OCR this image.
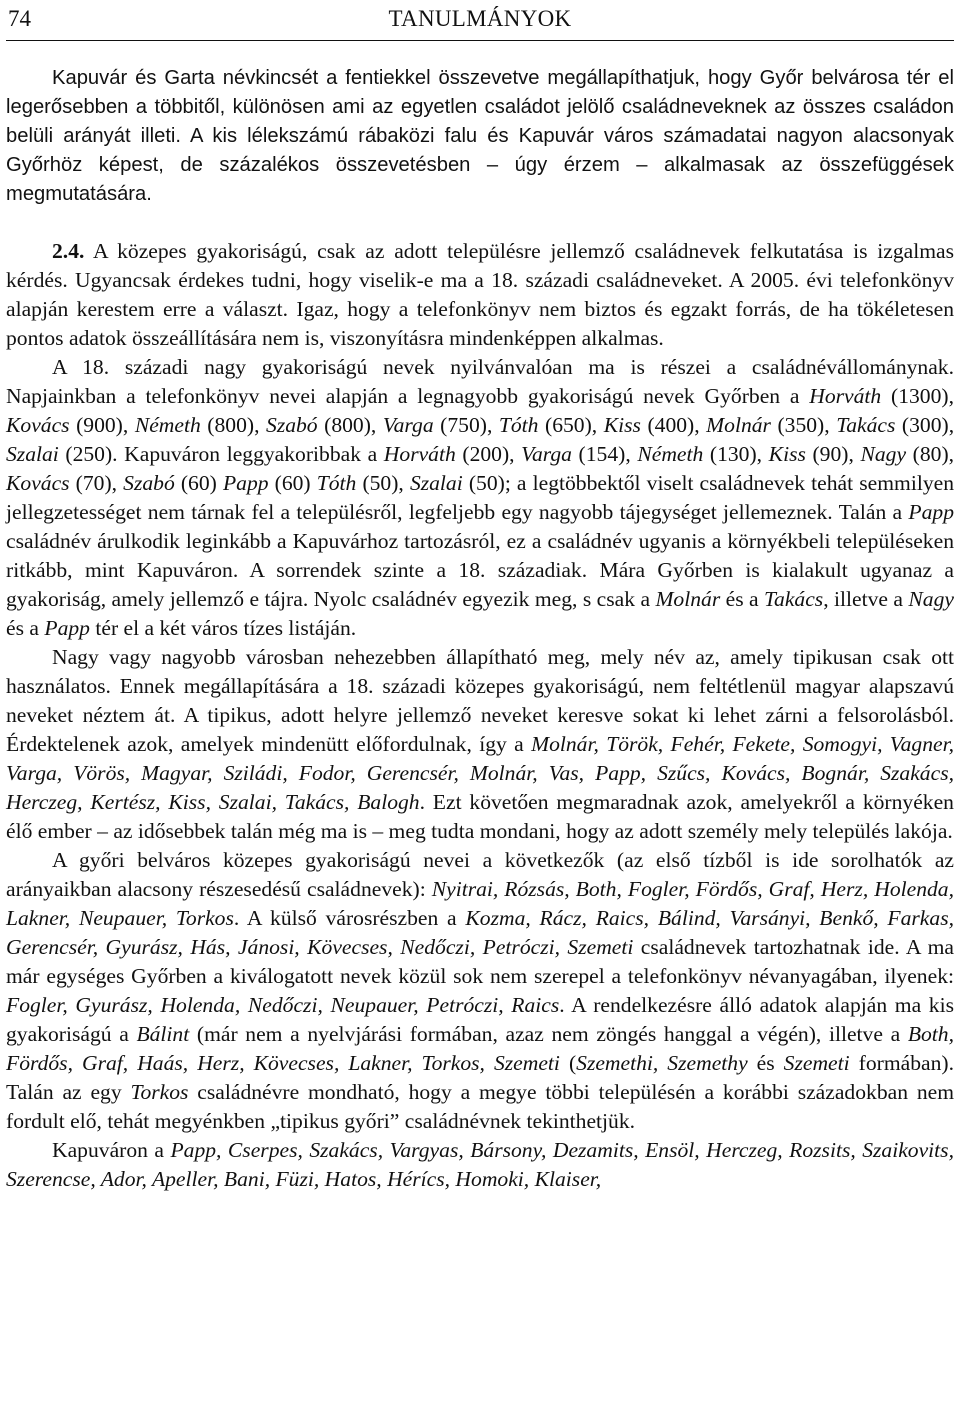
74	TANULMÁNYOK

Kapuvár és Garta névkincsét a fentiekkel összevetve megállapíthatjuk, hogy Győr belvárosa tér el legerősebben a többitől, különösen ami az egyetlen családot jelölő családneveknek az összes családon belüli arányát illeti. A kis lélekszámú rábaközi falu és Kapuvár város számadatai nagyon alacsonyak Győrhöz képest, de százalékos összevetésben – úgy érzem – alkalmasak az összefüggések megmutatására.

2.4. A közepes gyakoriságú, csak az adott településre jellemző családnevek felkutatása is izgalmas kérdés. Ugyancsak érdekes tudni, hogy viselik-e ma a 18. századi családneveket. A 2005. évi telefonkönyv alapján kerestem erre a választ. Igaz, hogy a telefonkönyv nem biztos és egzakt forrás, de ha tökéletesen pontos adatok összeállítására nem is, viszonyításra mindenképpen alkalmas.

A 18. századi nagy gyakoriságú nevek nyilvánvalóan ma is részei a családnévállománynak. Napjainkban a telefonkönyv nevei alapján a legnagyobb gyakoriságú nevek Győrben a Horváth (1300), Kovács (900), Németh (800), Szabó (800), Varga (750), Tóth (650), Kiss (400), Molnár (350), Takács (300), Szalai (250). Kapuváron leggyakoribbak a Horváth (200), Varga (154), Németh (130), Kiss (90), Nagy (80), Kovács (70), Szabó (60) Papp (60) Tóth (50), Szalai (50); a legtöbbektől viselt családnevek tehát semmilyen jellegzetességet nem tárnak fel a településről, legfeljebb egy nagyobb tájegységet jellemeznek. Talán a Papp családnév árulkodik leginkább a Kapuvárhoz tartozásról, ez a családnév ugyanis a környékbeli településeken ritkább, mint Kapuváron. A sorrendek szinte a 18. századiak. Mára Győrben is kialakult ugyanaz a gyakoriság, amely jellemző e tájra. Nyolc családnév egyezik meg, s csak a Molnár és a Takács, illetve a Nagy és a Papp tér el a két város tízes listáján.

Nagy vagy nagyobb városban nehezebben állapítható meg, mely név az, amely tipikusan csak ott használatos. Ennek megállapítására a 18. századi közepes gyakoriságú, nem feltétlenül magyar alapszavú neveket néztem át. A tipikus, adott helyre jellemző neveket keresve sokat ki lehet zárni a felsorolásból. Érdektelenek azok, amelyek mindenütt előfordulnak, így a Molnár, Török, Fehér, Fekete, Somogyi, Vagner, Varga, Vörös, Magyar, Sziládi, Fodor, Gerencsér, Molnár, Vas, Papp, Szűcs, Kovács, Bognár, Szakács, Herczeg, Kertész, Kiss, Szalai, Takács, Balogh. Ezt követően megmaradnak azok, amelyekről a környéken élő ember – az idősebbek talán még ma is – meg tudta mondani, hogy az adott személy mely település lakója.

A győri belváros közepes gyakoriságú nevei a következők (az első tízből is ide sorolhatók az arányaikban alacsony részesedésű családnevek): Nyitrai, Rózsás, Both, Fogler, Fördős, Graf, Herz, Holenda, Lakner, Neupauer, Torkos. A külső városrészben a Kozma, Rácz, Raics, Bálind, Varsányi, Benkő, Farkas, Gerencsér, Gyurász, Hás, Jánosi, Kövecses, Nedőczi, Petróczi, Szemeti családnevek tartozhatnak ide. A ma már egységes Győrben a kiválogatott nevek közül sok nem szerepel a telefonkönyv névanyagában, ilyenek: Fogler, Gyurász, Holenda, Nedőczi, Neupauer, Petróczi, Raics. A rendelkezésre álló adatok alapján ma kis gyakoriságú a Bálint (már nem a nyelvjárási formában, azaz nem zöngés hanggal a végén), illetve a Both, Fördős, Graf, Haás, Herz, Kövecses, Lakner, Torkos, Szemeti (Szemethi, Szemethy és Szemeti formában). Talán az egy Torkos családnévre mondható, hogy a megye többi településén a korábbi századokban nem fordult elő, tehát megyénkben „tipikus győri” családnévnek tekinthetjük.

Kapuváron a Papp, Cserpes, Szakács, Vargyas, Bársony, Dezamits, Ensöl, Herczeg, Rozsits, Szaikovits, Szerencse, Ador, Apeller, Bani, Füzi, Hatos, Héríсs, Homoki, Klaiser,
